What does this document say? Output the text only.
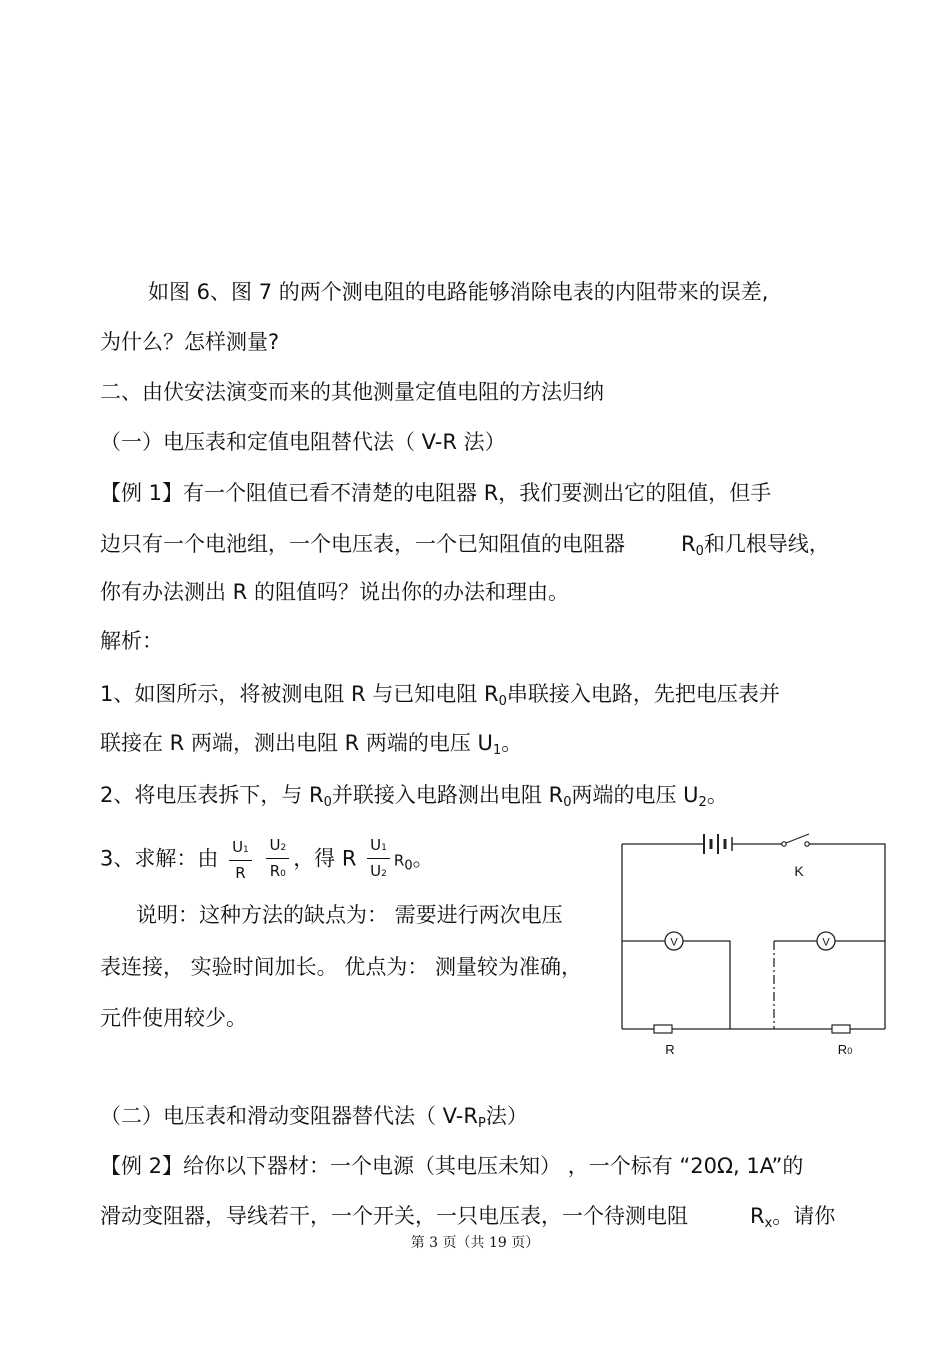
如图 6、图 7 的两个测电阻的电路能够消除电表的内阻带来的误差,
为什么？怎样测量?
二、由伏安法演变而来的其他测量定值电阻的方法归纳
（一）电压表和定值电阻替代法（ V-R 法）
【例 1】有一个阻值已看不清楚的电阻器 R，我们要测出它的阻值，但手
边只有一个电池组，一个电压表，一个已知阻值的电阻器	$R_0$和几根导线，
你有办法测出 R 的阻值吗？说出你的办法和理由。
解析：
1、如图所示，将被测电阻 R 与已知电阻 $R_0$串联接入电路，先把电压表并
联接在 R 两端，测出电阻 R 两端的电压 $U_1$。
2、将电压表拆下，与 $R_0$并联接入电路测出电阻 $R_0$两端的电压 $U_2$。
3、求解：由 $\frac{U1}{R}$
$\frac{U2}{R0}$ ，得 R $\frac{U1}{U2} R_0$。
说明：这种方法的缺点为： 需要进行两次电压
表连接， 实验时间加长。 优点为： 测量较为准确，
元件使用较少。
K
V	V
R	R0
（二）电压表和滑动变阻器替代法（ $V-R_P$法）
【例 2】给你以下器材：一个电源（其电压未知） ，一个标有 “20Ω, 1A”的
滑动变阻器，导线若干，一个开关，一只电压表，一个待测电阻	$R_x$。请你
第 3 页（共 19 页）
